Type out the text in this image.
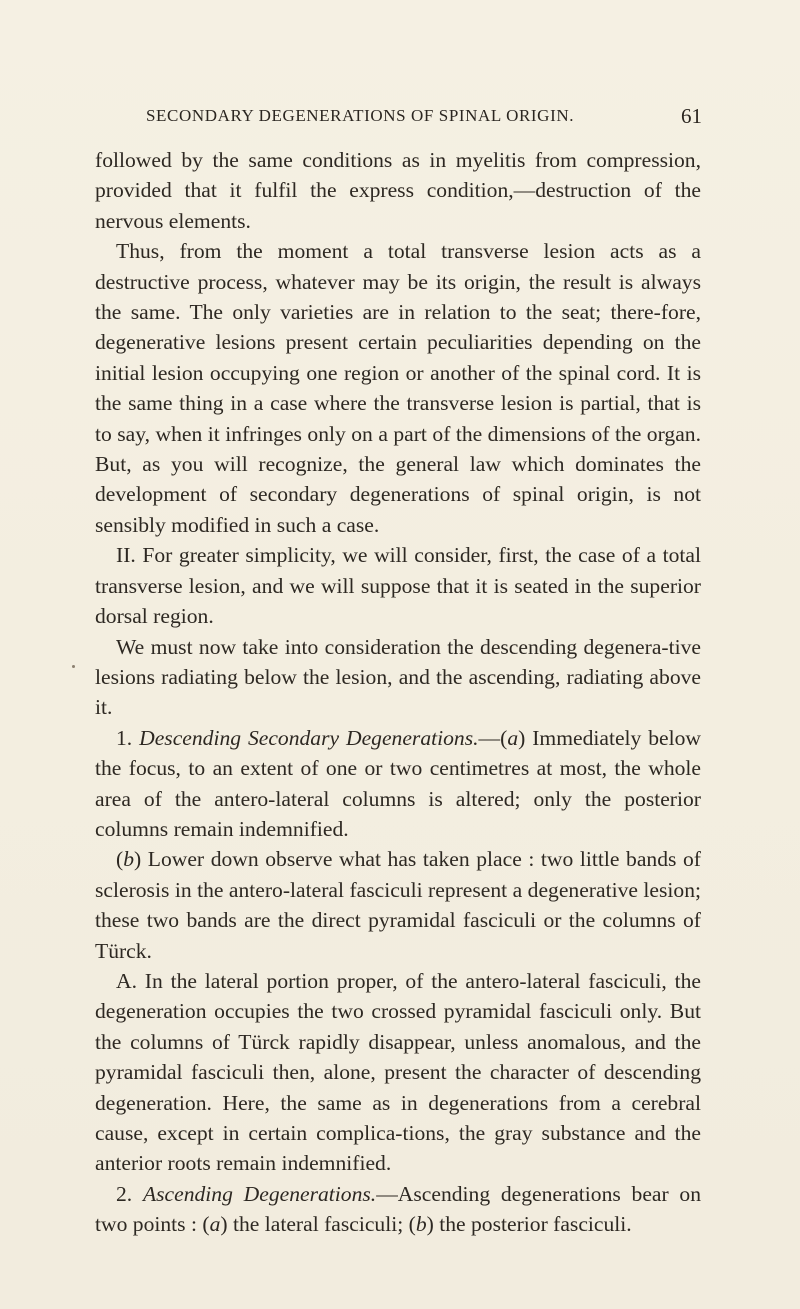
SECONDARY DEGENERATIONS OF SPINAL ORIGIN.	61

followed by the same conditions as in myelitis from compression, provided that it fulfil the express condition,—destruction of the nervous elements.

Thus, from the moment a total transverse lesion acts as a destructive process, whatever may be its origin, the result is always the same. The only varieties are in relation to the seat; there-fore, degenerative lesions present certain peculiarities depending on the initial lesion occupying one region or another of the spinal cord. It is the same thing in a case where the transverse lesion is partial, that is to say, when it infringes only on a part of the dimensions of the organ. But, as you will recognize, the general law which dominates the development of secondary degenerations of spinal origin, is not sensibly modified in such a case.

II. For greater simplicity, we will consider, first, the case of a total transverse lesion, and we will suppose that it is seated in the superior dorsal region.

We must now take into consideration the descending degenera-tive lesions radiating below the lesion, and the ascending, radiating above it.

1. Descending Secondary Degenerations.—(a) Immediately below the focus, to an extent of one or two centimetres at most, the whole area of the antero-lateral columns is altered; only the posterior columns remain indemnified.

(b) Lower down observe what has taken place : two little bands of sclerosis in the antero-lateral fasciculi represent a degenerative lesion; these two bands are the direct pyramidal fasciculi or the columns of Türck.

A. In the lateral portion proper, of the antero-lateral fasciculi, the degeneration occupies the two crossed pyramidal fasciculi only. But the columns of Türck rapidly disappear, unless anomalous, and the pyramidal fasciculi then, alone, present the character of descending degeneration. Here, the same as in degenerations from a cerebral cause, except in certain complica-tions, the gray substance and the anterior roots remain indemnified.

2. Ascending Degenerations.—Ascending degenerations bear on two points : (a) the lateral fasciculi; (b) the posterior fasciculi.
